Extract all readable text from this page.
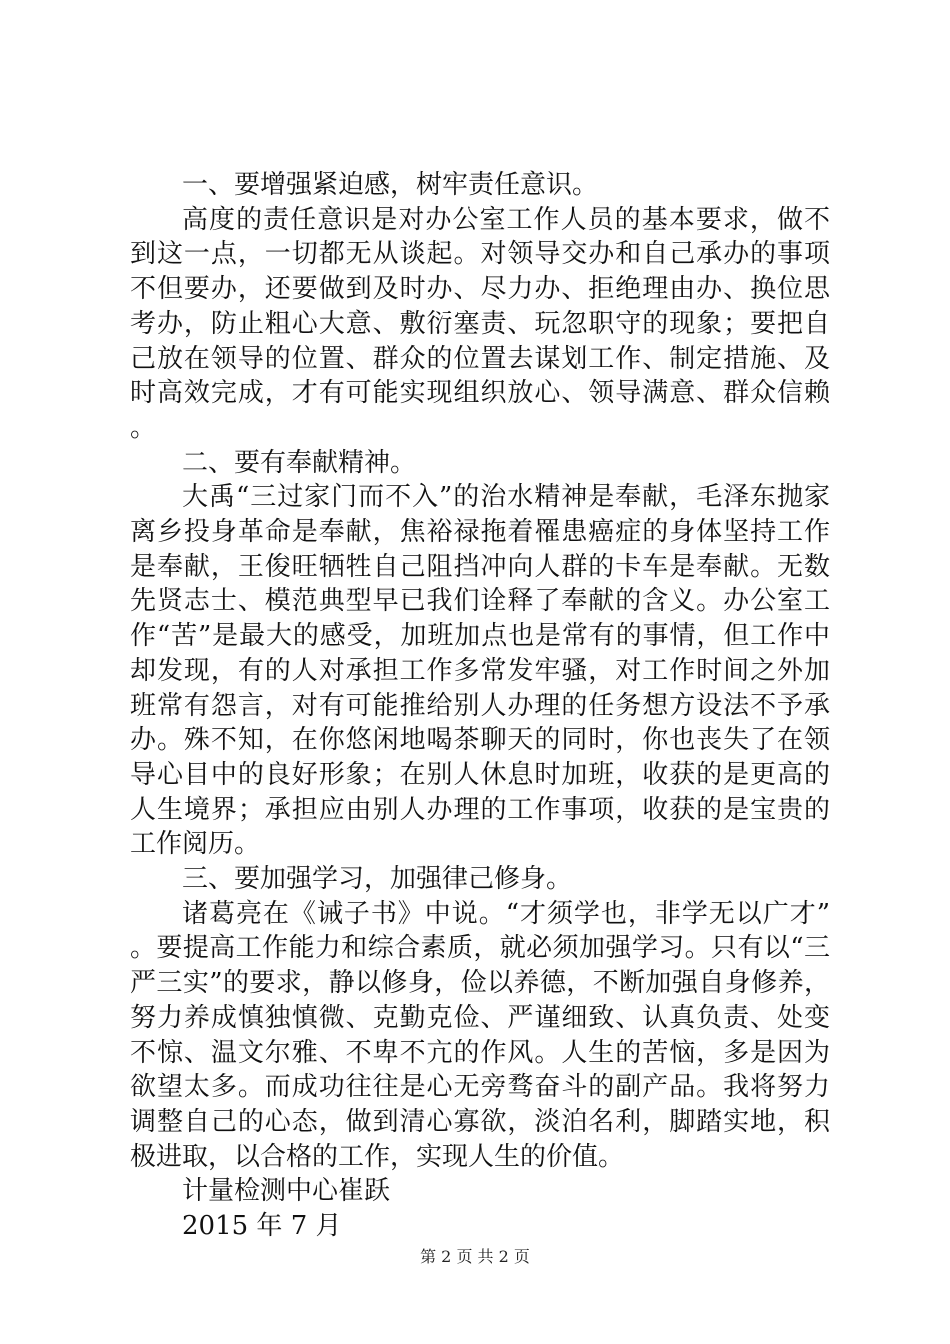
一、要增强紧迫感，树牢责任意识。

高度的责任意识是对办公室工作人员的基本要求，做不到这一点，一切都无从谈起。对领导交办和自己承办的事项不但要办，还要做到及时办、尽力办、拒绝理由办、换位思考办，防止粗心大意、敷衍塞责、玩忽职守的现象；要把自己放在领导的位置、群众的位置去谋划工作、制定措施、及时高效完成，才有可能实现组织放心、领导满意、群众信赖。

二、要有奉献精神。

大禹“三过家门而不入”的治水精神是奉献，毛泽东抛家离乡投身革命是奉献，焦裕禄拖着罹患癌症的身体坚持工作是奉献，王俊旺牺牲自己阻挡冲向人群的卡车是奉献。无数先贤志士、模范典型早已我们诠释了奉献的含义。办公室工作“苦”是最大的感受，加班加点也是常有的事情，但工作中却发现，有的人对承担工作多常发牢骚，对工作时间之外加班常有怨言，对有可能推给别人办理的任务想方设法不予承办。殊不知，在你悠闲地喝茶聊天的同时，你也丧失了在领导心目中的良好形象；在别人休息时加班，收获的是更高的人生境界；承担应由别人办理的工作事项，收获的是宝贵的工作阅历。

三、要加强学习，加强律己修身。

诸葛亮在《诫子书》中说。“才须学也，非学无以广才”。要提高工作能力和综合素质，就必须加强学习。只有以“三严三实”的要求，静以修身，俭以养德，不断加强自身修养，努力养成慎独慎微、克勤克俭、严谨细致、认真负责、处变不惊、温文尔雅、不卑不亢的作风。人生的苦恼，多是因为欲望太多。而成功往往是心无旁骛奋斗的副产品。我将努力调整自己的心态，做到清心寡欲，淡泊名利，脚踏实地，积极进取，以合格的工作，实现人生的价值。

计量检测中心崔跃

2015 年 7 月

第 2 页 共 2 页
